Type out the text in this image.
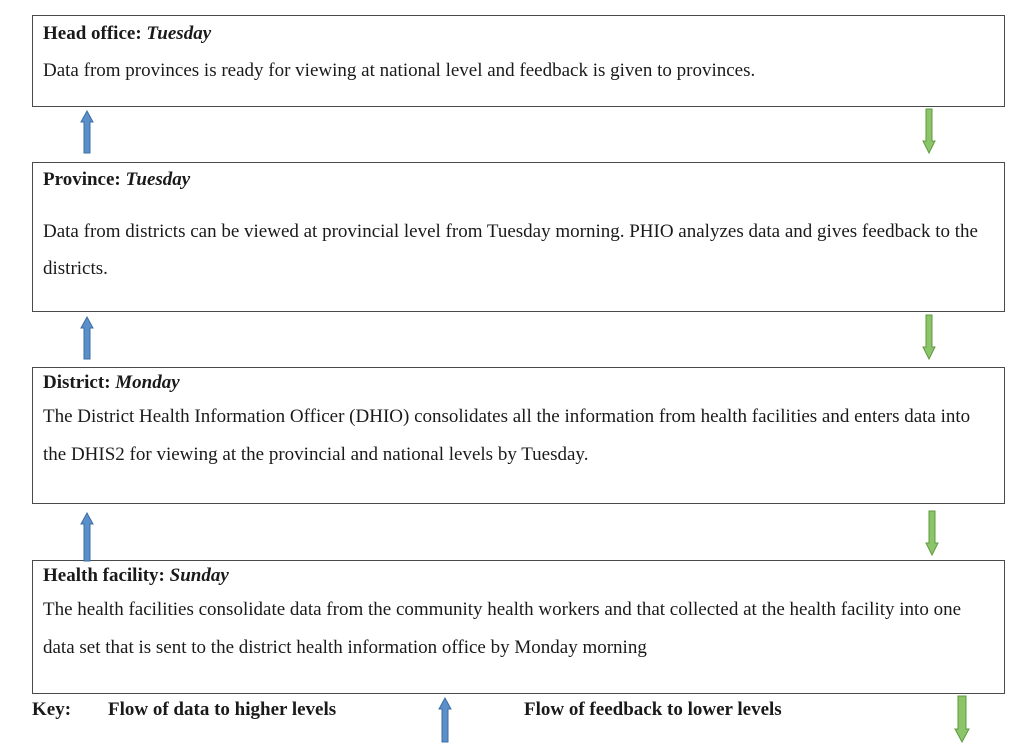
Head office: Tuesday

Data from provinces is ready for viewing at national level and feedback is given to provinces.

Province: Tuesday

Data from districts can be viewed at provincial level from Tuesday morning. PHIO analyzes data and gives feedback to the districts.

District: Monday

The District Health Information Officer (DHIO) consolidates all the information from health facilities and enters data into the DHIS2 for viewing at the provincial and national levels by Tuesday.

Health facility: Sunday

The health facilities consolidate data from the community health workers and that collected at the health facility into one data set that is sent to the district health information office by Monday morning

Key: Flow of data to higher levels	Flow of feedback to lower levels
